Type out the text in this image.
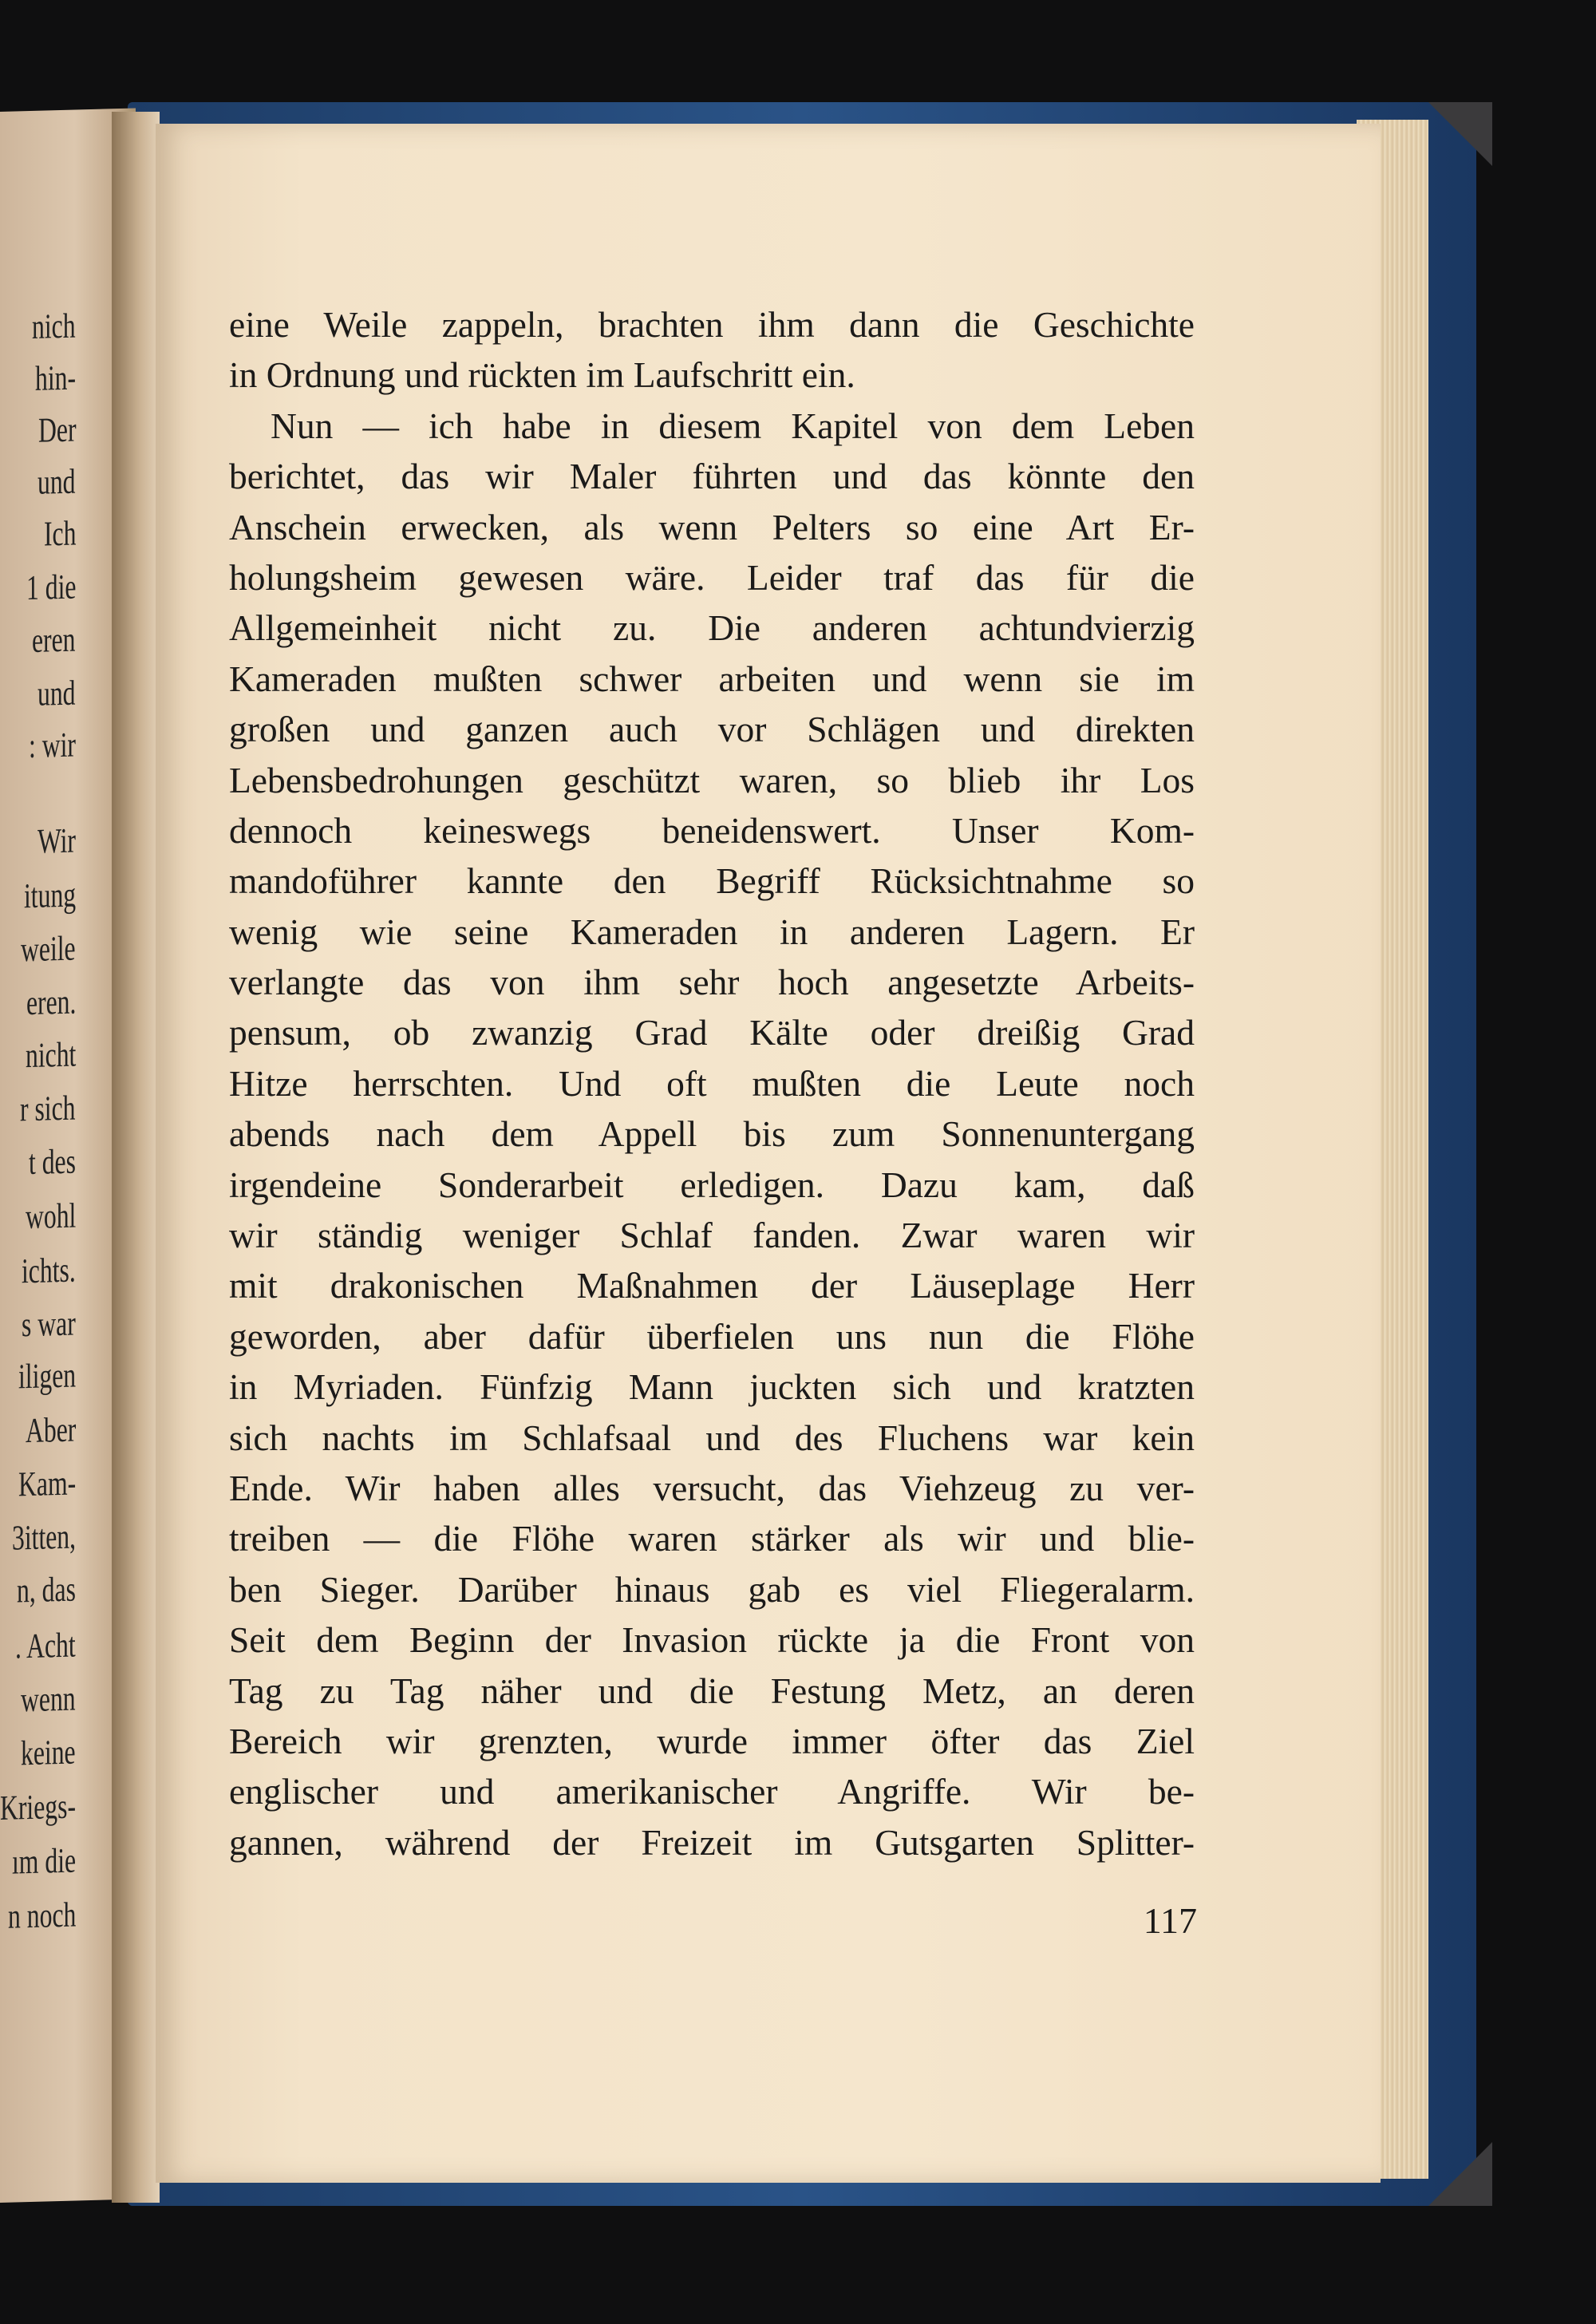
nich
hin-
Der
und
Ich
1 die
eren
und
: wir
Wir
itung
weile
eren.
nicht
r sich
t des
wohl
ichts.
s war
iligen
Aber
Kam-
3itten,
n, das
. Acht
wenn
keine
Kriegs-
ım die
n noch
eine Weile zappeln, brachten ihm dann die Geschichte
in Ordnung und rückten im Laufschritt ein.
Nun — ich habe in diesem Kapitel von dem Leben
berichtet, das wir Maler führten und das könnte den
Anschein erwecken, als wenn Pelters so eine Art Er-
holungsheim gewesen wäre. Leider traf das für die
Allgemeinheit nicht zu. Die anderen achtundvierzig
Kameraden mußten schwer arbeiten und wenn sie im
großen und ganzen auch vor Schlägen und direkten
Lebensbedrohungen geschützt waren, so blieb ihr Los
dennoch keineswegs beneidenswert. Unser Kom-
mandoführer kannte den Begriff Rücksichtnahme so
wenig wie seine Kameraden in anderen Lagern. Er
verlangte das von ihm sehr hoch angesetzte Arbeits-
pensum, ob zwanzig Grad Kälte oder dreißig Grad
Hitze herrschten. Und oft mußten die Leute noch
abends nach dem Appell bis zum Sonnenuntergang
irgendeine Sonderarbeit erledigen. Dazu kam, daß
wir ständig weniger Schlaf fanden. Zwar waren wir
mit drakonischen Maßnahmen der Läuseplage Herr
geworden, aber dafür überfielen uns nun die Flöhe
in Myriaden. Fünfzig Mann juckten sich und kratzten
sich nachts im Schlafsaal und des Fluchens war kein
Ende. Wir haben alles versucht, das Viehzeug zu ver-
treiben — die Flöhe waren stärker als wir und blie-
ben Sieger. Darüber hinaus gab es viel Fliegeralarm.
Seit dem Beginn der Invasion rückte ja die Front von
Tag zu Tag näher und die Festung Metz, an deren
Bereich wir grenzten, wurde immer öfter das Ziel
englischer und amerikanischer Angriffe. Wir be-
gannen, während der Freizeit im Gutsgarten Splitter-
117
